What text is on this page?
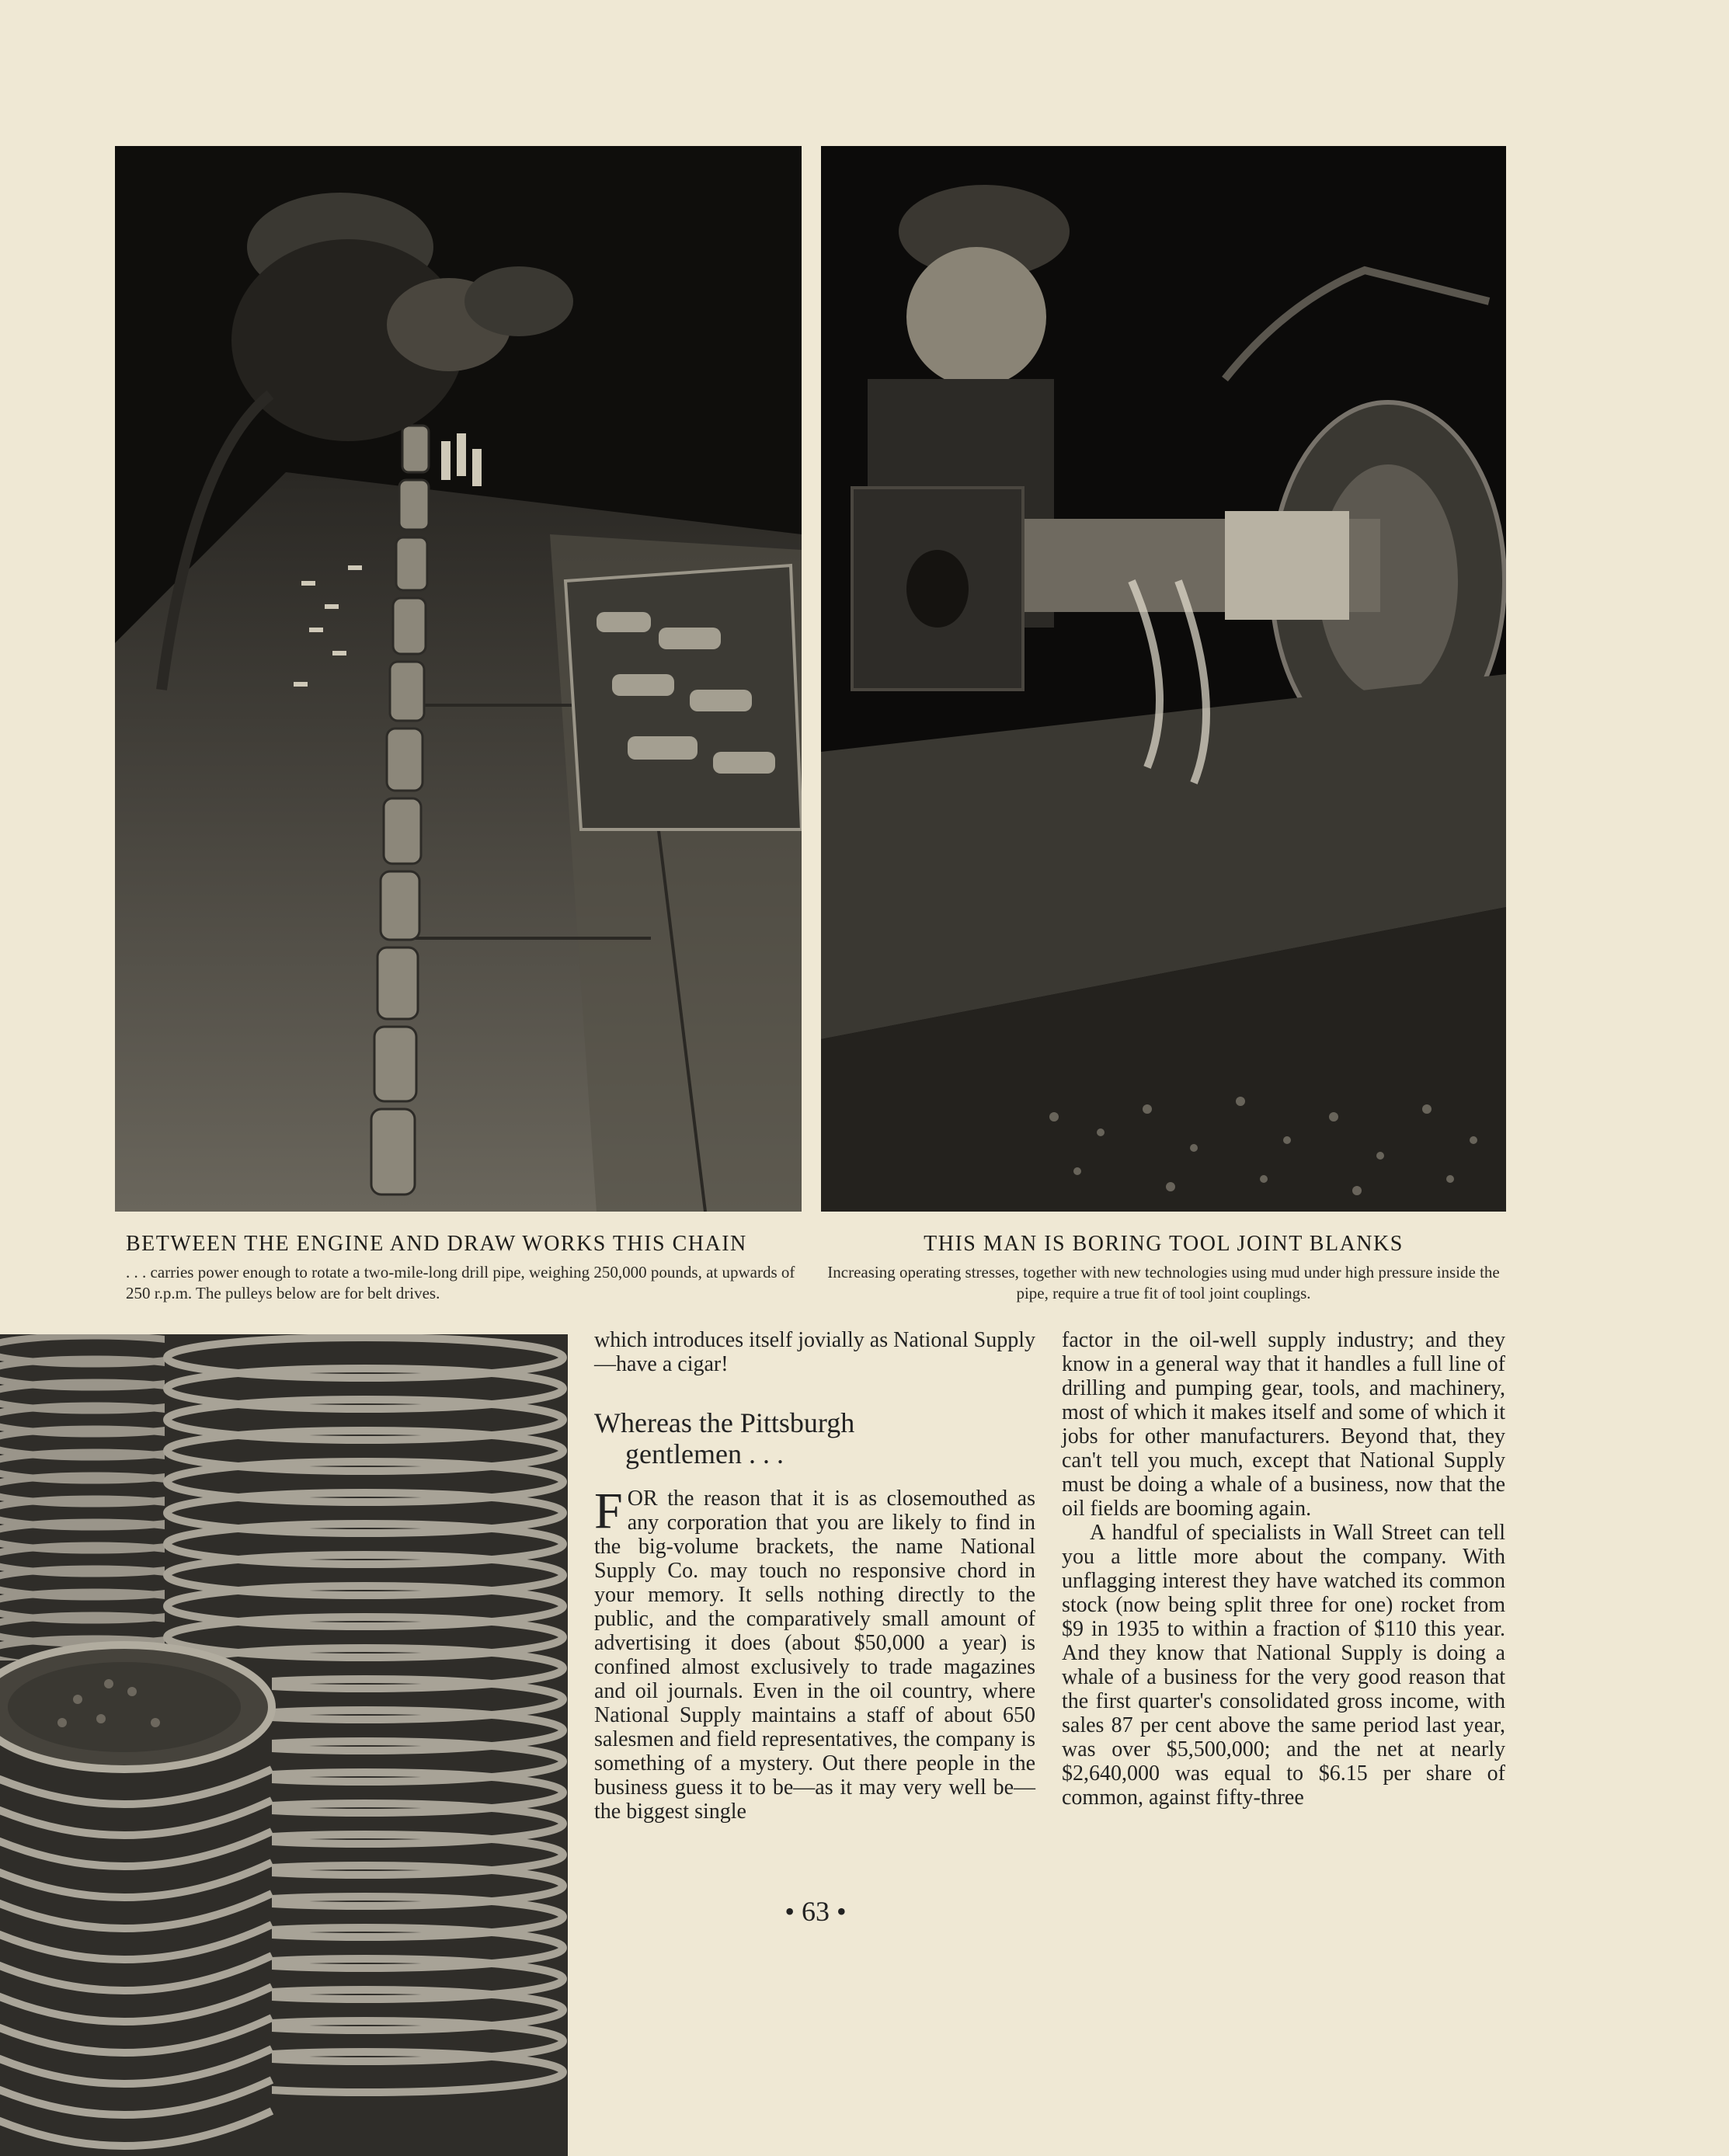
BETWEEN THE ENGINE AND DRAW WORKS THIS CHAIN
. . . carries power enough to rotate a two-mile-long drill pipe, weighing 250,000 pounds, at upwards of 250 r.p.m. The pulleys below are for belt drives.
THIS MAN IS BORING TOOL JOINT BLANKS
Increasing operating stresses, together with new technologies using mud under high pressure inside the pipe, require a true fit of tool joint couplings.

which introduces itself jovially as National Supply—have a cigar!

Whereas the Pittsburgh
gentlemen . . .

FOR the reason that it is as closemouthed as any corporation that you are likely to find in the big-volume brackets, the name National Supply Co. may touch no responsive chord in your memory. It sells nothing directly to the public, and the comparatively small amount of advertising it does (about $50,000 a year) is confined almost exclusively to trade magazines and oil journals. Even in the oil country, where National Supply maintains a staff of about 650 salesmen and field representatives, the company is something of a mystery. Out there people in the business guess it to be—as it may very well be—the biggest single

factor in the oil-well supply industry; and they know in a general way that it handles a full line of drilling and pumping gear, tools, and machinery, most of which it makes itself and some of which it jobs for other manufacturers. Beyond that, they can't tell you much, except that National Supply must be doing a whale of a business, now that the oil fields are booming again.

A handful of specialists in Wall Street can tell you a little more about the company. With unflagging interest they have watched its common stock (now being split three for one) rocket from $9 in 1935 to within a fraction of $110 this year. And they know that National Supply is doing a whale of a business for the very good reason that the first quarter's consolidated gross income, with sales 87 per cent above the same period last year, was over $5,500,000; and the net at nearly $2,640,000 was equal to $6.15 per share of common, against fifty-three

• 63 •
